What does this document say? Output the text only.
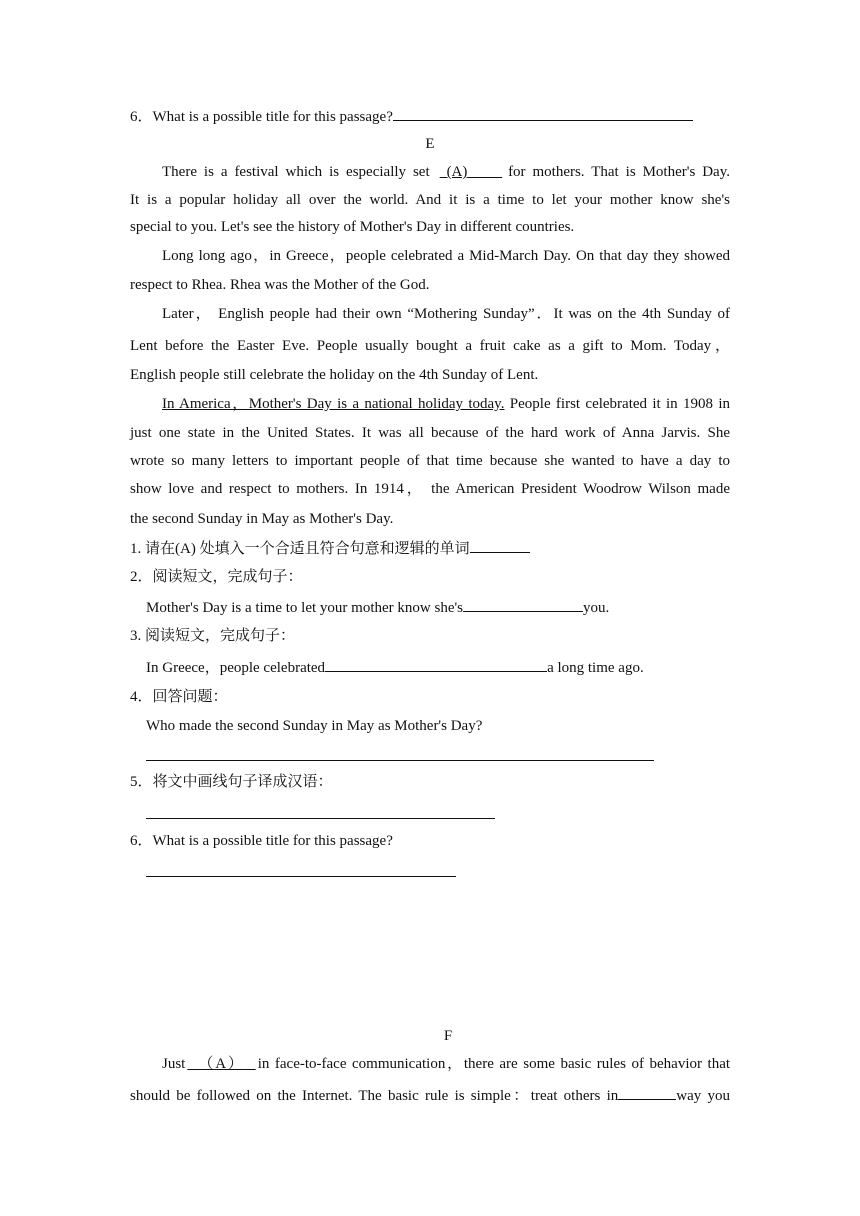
6．What is a possible title for this passage?
E
There is a festival which is especially set (A)	for mothers. That is Mother's Day.
It is a popular holiday all over the world. And it is a time to let your mother know she's
special to you. Let's see the history of Mother's Day in different countries.
Long long ago，in Greece，people celebrated a Mid-March Day. On that day they showed
respect to Rhea. Rhea was the Mother of the God.
Later， English people had their own “Mothering Sunday”．It was on the 4th Sunday of
Lent before the Easter Eve. People usually bought a fruit cake as a gift to Mom. Today，
English people still celebrate the holiday on the 4th Sunday of Lent.
In America，Mother's Day is a national holiday today. People first celebrated it in 1908 in
just one state in the United States. It was all because of the hard work of Anna Jarvis. She
wrote so many letters to important people of that time because she wanted to have a day to
show love and respect to mothers. In 1914， the American President Woodrow Wilson made
the second Sunday in May as Mother's Day.
1. 请在(A) 处填入一个合适且符合句意和逻辑的单词
2．阅读短文，完成句子：
Mother's Day is a time to let your mother know she's	you.
3. 阅读短文，完成句子：
In Greece，people celebrated	a long time ago.
4．回答问题：
Who made the second Sunday in May as Mother's Day?
5．将文中画线句子译成汉语：
6．What is a possible title for this passage?
F
Just （A） in face-to-face communication，there are some basic rules of behavior that
should be followed on the Internet. The basic rule is simple：treat others in	way you
